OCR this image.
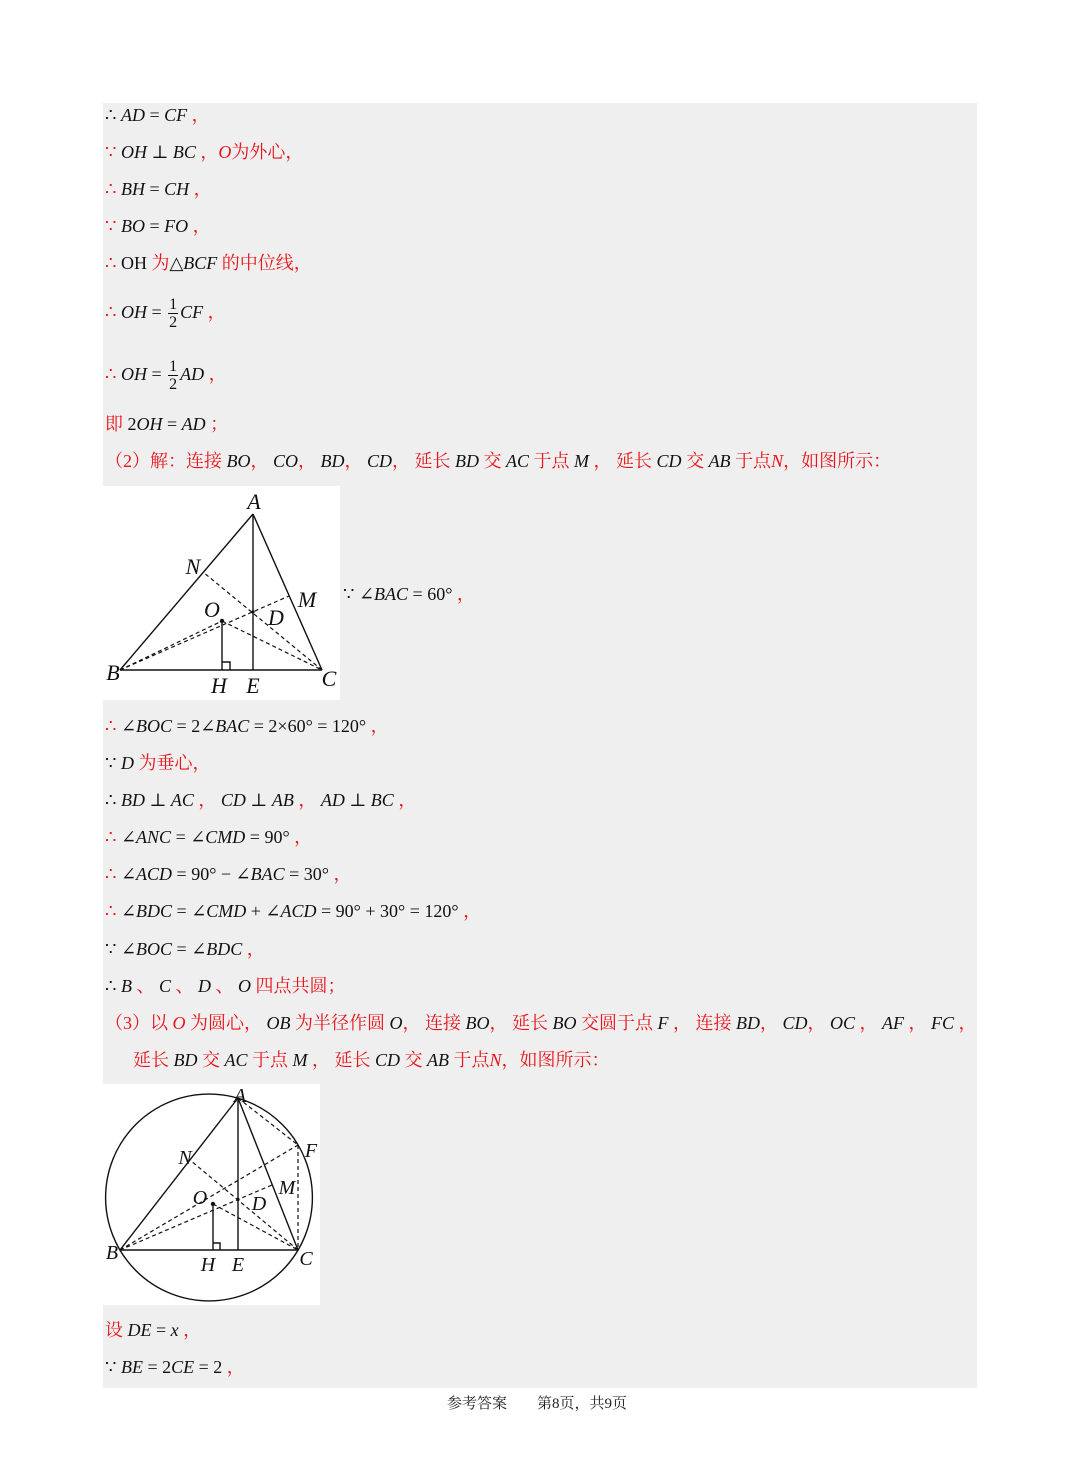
∴ AD = CF ，
∵ OH ⊥ BC ，O为外心，
∴ BH = CH ，
∵ BO = FO ，
∴ OH 为△BCF 的中位线，
∴ OH = $\frac{1}{2}$ CF ，
∴ OH = $\frac{1}{2}$ AD ，
即 2OH = AD ；
（2）解：连接 BO， CO， BD， CD， 延长 BD 交 AC 于点 M ， 延长 CD 交 AB 于点N，如图所示：
A
N
M
O D
B
H E	C
∵ ∠BAC = 60° ，
∴ ∠BOC = 2∠BAC = 2×60° = 120° ，
∵ D 为垂心，
∴ BD ⊥ AC ， CD ⊥ AB ， AD ⊥ BC ，
∴ ∠ANC = ∠CMD = 90° ，
∴ ∠ACD = 90° − ∠BAC = 30° ，
∴ ∠BDC = ∠CMD + ∠ACD = 90° + 30° = 120° ，
∵ ∠BOC = ∠BDC ，
∴ B 、 C 、 D 、 O 四点共圆；
（3）以 O 为圆心， OB 为半径作圆 O， 连接 BO， 延长 BO 交圆于点 F ， 连接 BD， CD， OC ， AF ， FC ，
延长 BD 交 AC 于点 M ， 延长 CD 交 AB 于点N，如图所示：
A
F
N
O D
M
B
H E	C
设 DE = x ，
∵ BE = 2CE = 2 ，
参考答案 第8页，共9页
